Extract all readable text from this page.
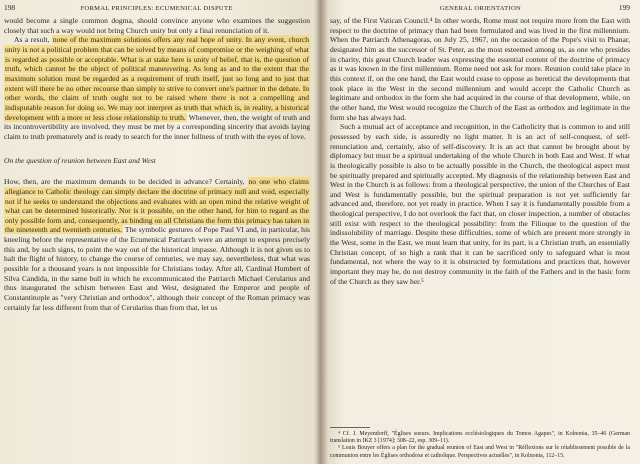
198	FORMAL PRINCIPLES: ECUMENICAL DISPUTE

would become a single common dogma, should convince anyone who examines the suggestion closely that such a way would not bring Church unity but only a final renunciation of it.

As a result, none of the maximum solutions offers any real hope of unity. In any event, church unity is not a political problem that can be solved by means of compromise or the weighing of what is regarded as possible or acceptable. What is at stake here is unity of belief, that is, the question of truth, which cannot be the object of political maneuvering. As long as and to the extent that the maximum solution must be regarded as a requirement of truth itself, just so long and to just that extent will there be no other recourse than simply to strive to convert one's partner in the debate. In other words, the claim of truth ought not to be raised where there is not a compelling and indisputable reason for doing so. We may not interpret as truth that which is, in reality, a historical development with a more or less close relationship to truth. Whenever, then, the weight of truth and its incontrovertibility are involved, they must be met by a corresponding sincerity that avoids laying claim to truth prematurely and is ready to search for the inner fullness of truth with the eyes of love.

On the question of reunion between East and West

How, then, are the maximum demands to be decided in advance? Certainly, no one who claims allegiance to Catholic theology can simply declare the doctrine of primacy null and void, especially not if he seeks to understand the objections and evaluates with an open mind the relative weight of what can be determined historically. Nor is it possible, on the other hand, for him to regard as the only possible form and, consequently, as binding on all Christians the form this primacy has taken in the nineteenth and twentieth centuries. The symbolic gestures of Pope Paul VI and, in particular, his kneeling before the representative of the Ecumenical Patriarch were an attempt to express precisely this and, by such signs, to point the way out of the historical impasse. Although it is not given us to halt the flight of history, to change the course of centuries, we may say, nevertheless, that what was possible for a thousand years is not impossible for Christians today. After all, Cardinal Humbert of Silva Candida, in the same bull in which he excommunicated the Patriarch Michael Cerularius and thus inaugurated the schism between East and West, designated the Emperor and people of Constantinople as "very Christian and orthodox", although their concept of the Roman primacy was certainly far less different from that of Cerularius than from that, let us

GENERAL ORIENTATION	199

say, of the First Vatican Council.⁴ In other words, Rome must not require more from the East with respect to the doctrine of primacy than had been formulated and was lived in the first millennium. When the Patriarch Athenagoras, on July 25, 1967, on the occasion of the Pope's visit to Phanar, designated him as the successor of St. Peter, as the most esteemed among us, as one who presides in charity, this great Church leader was expressing the essential content of the doctrine of primacy as it was known in the first millennium. Rome need not ask for more. Reunion could take place in this context if, on the one hand, the East would cease to oppose as heretical the developments that took place in the West in the second millennium and would accept the Catholic Church as legitimate and orthodox in the form she had acquired in the course of that development, while, on the other hand, the West would recognize the Church of the East as orthodox and legitimate in the form she has always had.

Such a mutual act of acceptance and recognition, in the Catholicity that is common to and still possessed by each side, is assuredly no light matter. It is an act of self-conquest, of self-renunciation and, certainly, also of self-discovery. It is an act that cannot be brought about by diplomacy but must be a spiritual undertaking of the whole Church in both East and West. If what is theologically possible is also to be actually possible in the Church, the theological aspect must be spiritually prepared and spiritually accepted. My diagnosis of the relationship between East and West in the Church is as follows: from a theological perspective, the union of the Churches of East and West is fundamentally possible, but the spiritual preparation is not yet sufficiently far advanced and, therefore, not yet ready in practice. When I say it is fundamentally possible from a theological perspective, I do not overlook the fact that, on closer inspection, a number of obstacles still exist with respect to the theological possibility: from the Filioque to the question of the indissolubility of marriage. Despite these difficulties, some of which are present more strongly in the West, some in the East, we must learn that unity, for its part, is a Christian truth, an essentially Christian concept, of so high a rank that it can be sacrificed only to safeguard what is most fundamental, not where the way to it is obstructed by formulations and practices that, however important they may be, do not destroy community in the faith of the Fathers and in the basic form of the Church as they saw her.⁵

⁴ Cf. J. Meyendorff, "Églises soeurs. Implications ecclésiologiques du Tomos Agapes", in Kolnonia, 35–46 (German translation in IKZ 3 [1974]: 308–22, esp. 309–11).

⁵ Louis Bouyer offers a plan for the gradual reunion of East and West in "Réflexions sur le rétablissement possible de la communion entre les Églises orthodoxe et catholique. Perspectives actuelles", in Kolnonia, 112–15.
